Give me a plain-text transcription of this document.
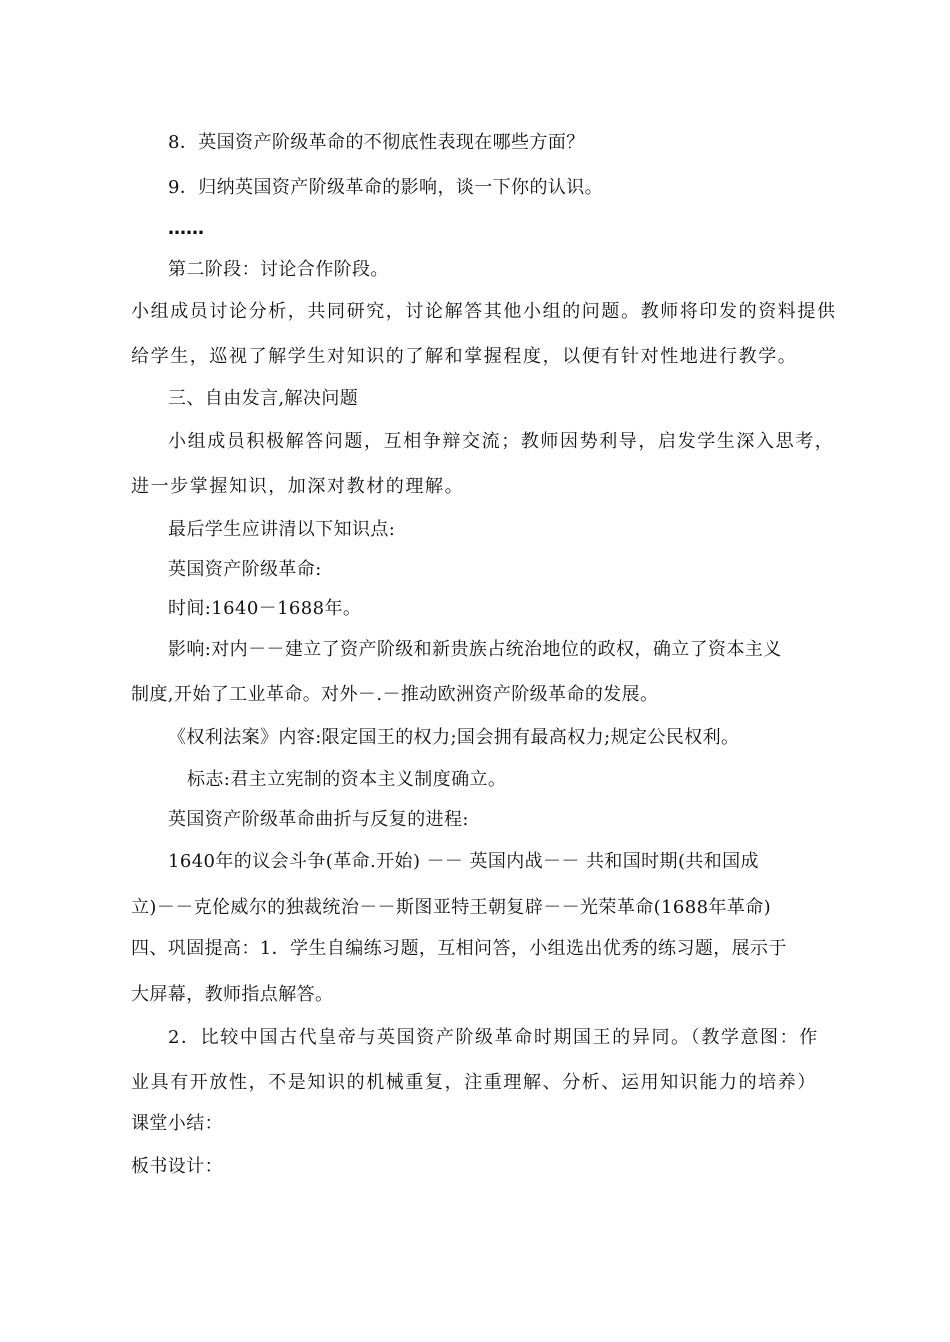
8．英国资产阶级革命的不彻底性表现在哪些方面？
9．归纳英国资产阶级革命的影响，谈一下你的认识。
……
第二阶段：讨论合作阶段。
小组成员讨论分析，共同研究，讨论解答其他小组的问题。教师将印发的资料提供
给学生，巡视了解学生对知识的了解和掌握程度，以便有针对性地进行教学。
三、自由发言,解决问题
小组成员积极解答问题，互相争辩交流；教师因势利导，启发学生深入思考，
进一步掌握知识，加深对教材的理解。
最后学生应讲清以下知识点:
英国资产阶级革命:
时间:1640－1688年。
影响:对内－－建立了资产阶级和新贵族占统治地位的政权，确立了资本主义
制度,开始了工业革命。对外－.－推动欧洲资产阶级革命的发展。
《权利法案》内容:限定国王的权力;国会拥有最高权力;规定公民权利。
标志:君主立宪制的资本主义制度确立。
英国资产阶级革命曲折与反复的进程:
1640年的议会斗争(革命.开始) －－ 英国内战－－ 共和国时期(共和国成
立)－－克伦威尔的独裁统治－－斯图亚特王朝复辟－－光荣革命(1688年革命)
四、巩固提高：1．学生自编练习题，互相问答，小组选出优秀的练习题，展示于
大屏幕，教师指点解答。
2．比较中国古代皇帝与英国资产阶级革命时期国王的异同。（教学意图：作
业具有开放性，不是知识的机械重复，注重理解、分析、运用知识能力的培养）
课堂小结：
板书设计：
